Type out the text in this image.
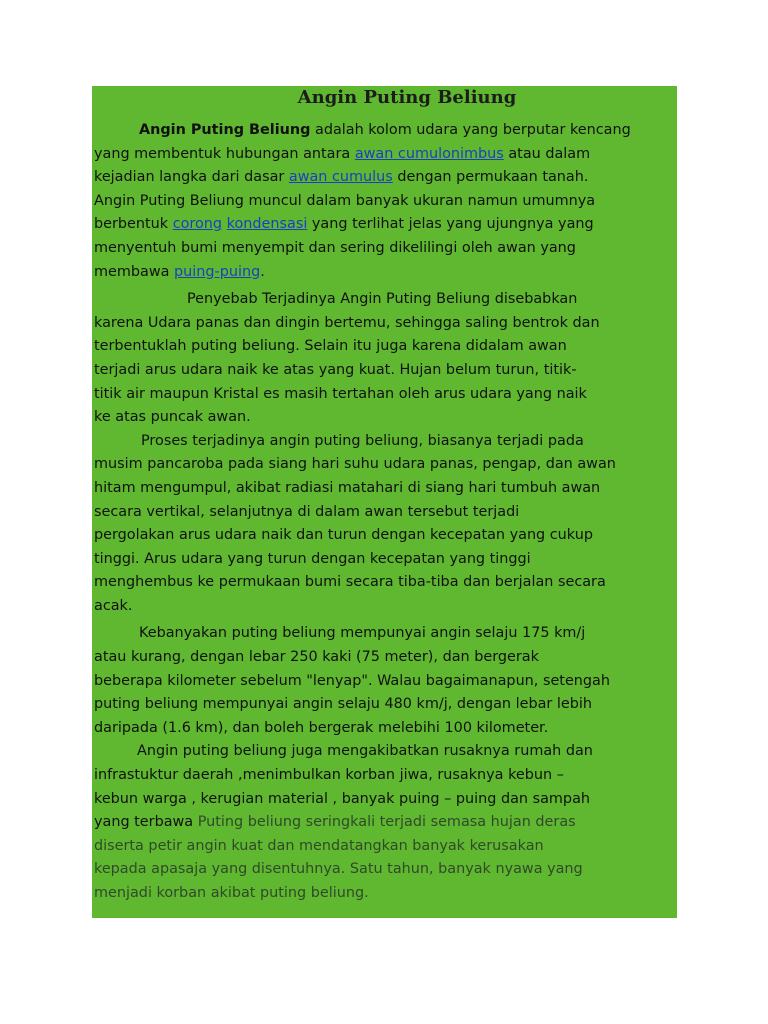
Angin Puting Beliung
Angin Puting Beliung adalah kolom udara yang berputar kencang
yang membentuk hubungan antara awan cumulonimbus atau dalam
kejadian langka dari dasar awan cumulus dengan permukaan tanah.
Angin Puting Beliung muncul dalam banyak ukuran namun umumnya
berbentuk corong kondensasi yang terlihat jelas yang ujungnya yang
menyentuh bumi menyempit dan sering dikelilingi oleh awan yang
membawa puing-puing.
Penyebab Terjadinya Angin Puting Beliung disebabkan
karena Udara panas dan dingin bertemu, sehingga saling bentrok dan
terbentuklah puting beliung. Selain itu juga karena didalam awan
terjadi arus udara naik ke atas yang kuat. Hujan belum turun, titik-
titik air maupun Kristal es masih tertahan oleh arus udara yang naik
ke atas puncak awan.
Proses terjadinya angin puting beliung, biasanya terjadi pada
musim pancaroba pada siang hari suhu udara panas, pengap, dan awan
hitam mengumpul, akibat radiasi matahari di siang hari tumbuh awan
secara vertikal, selanjutnya di dalam awan tersebut terjadi
pergolakan arus udara naik dan turun dengan kecepatan yang cukup
tinggi. Arus udara yang turun dengan kecepatan yang tinggi
menghembus ke permukaan bumi secara tiba-tiba dan berjalan secara
acak.
Kebanyakan puting beliung mempunyai angin selaju 175 km/j
atau kurang, dengan lebar 250 kaki (75 meter), dan bergerak
beberapa kilometer sebelum "lenyap". Walau bagaimanapun, setengah
puting beliung mempunyai angin selaju 480 km/j, dengan lebar lebih
daripada (1.6 km), dan boleh bergerak melebihi 100 kilometer.
Angin puting beliung juga mengakibatkan rusaknya rumah dan
infrastuktur daerah ,menimbulkan korban jiwa, rusaknya kebun –
kebun warga , kerugian material , banyak puing – puing dan sampah
yang terbawa Puting beliung seringkali terjadi semasa hujan deras
diserta petir angin kuat dan mendatangkan banyak kerusakan
kepada apasaja yang disentuhnya. Satu tahun, banyak nyawa yang
menjadi korban akibat puting beliung.
